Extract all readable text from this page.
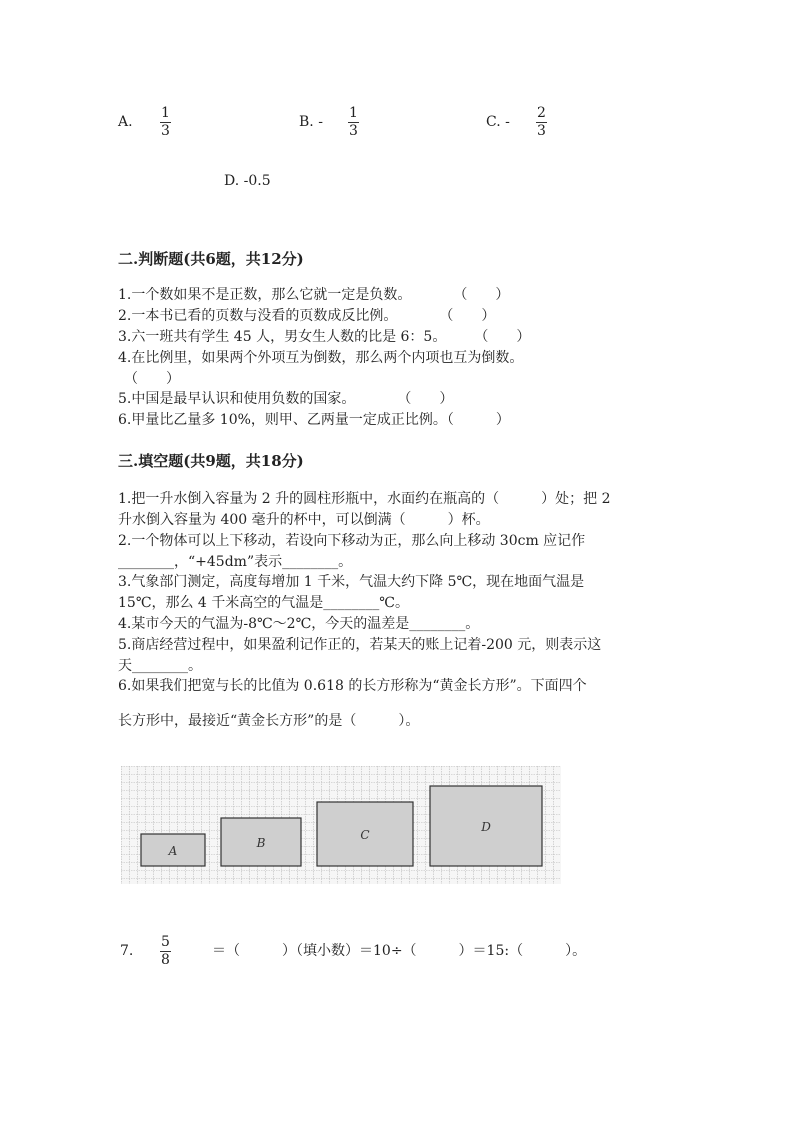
A.
1
3
B. -
1
3
C. -
2
3
D. -0.5
二.判断题(共6题，共12分)
1.一个数如果不是正数，那么它就一定是负数。　　　　（　　）
2.一本书已看的页数与没看的页数成反比例。　　　　（　　）
3.六一班共有学生 45 人，男女生人数的比是 6：5。　　　（　　）
4.在比例里，如果两个外项互为倒数，那么两个内项也互为倒数。
（　　）
5.中国是最早认识和使用负数的国家。　　　　（　　）
6.甲量比乙量多 10%，则甲、乙两量一定成正比例。（　　　）
三.填空题(共9题，共18分)
1.把一升水倒入容量为 2 升的圆柱形瓶中，水面约在瓶高的（　　　）处；把 2
升水倒入容量为 400 毫升的杯中，可以倒满（　　　）杯。
2.一个物体可以上下移动，若设向下移动为正，那么向上移动 30cm 应记作
________，“+45dm”表示________。
3.气象部门测定，高度每增加 1 千米，气温大约下降 5℃，现在地面气温是
15℃，那么 4 千米高空的气温是________℃。
4.某市今天的气温为-8℃～2℃，今天的温差是________。
5.商店经营过程中，如果盈利记作正的，若某天的账上记着-200 元，则表示这
天________。
6.如果我们把宽与长的比值为 0.618 的长方形称为“黄金长方形”。下面四个
长方形中，最接近“黄金长方形”的是（　　　）。
A
B
C
D
7.
5
8
＝（　　　）（填小数）＝10÷（　　　）＝15:（　　　）。
